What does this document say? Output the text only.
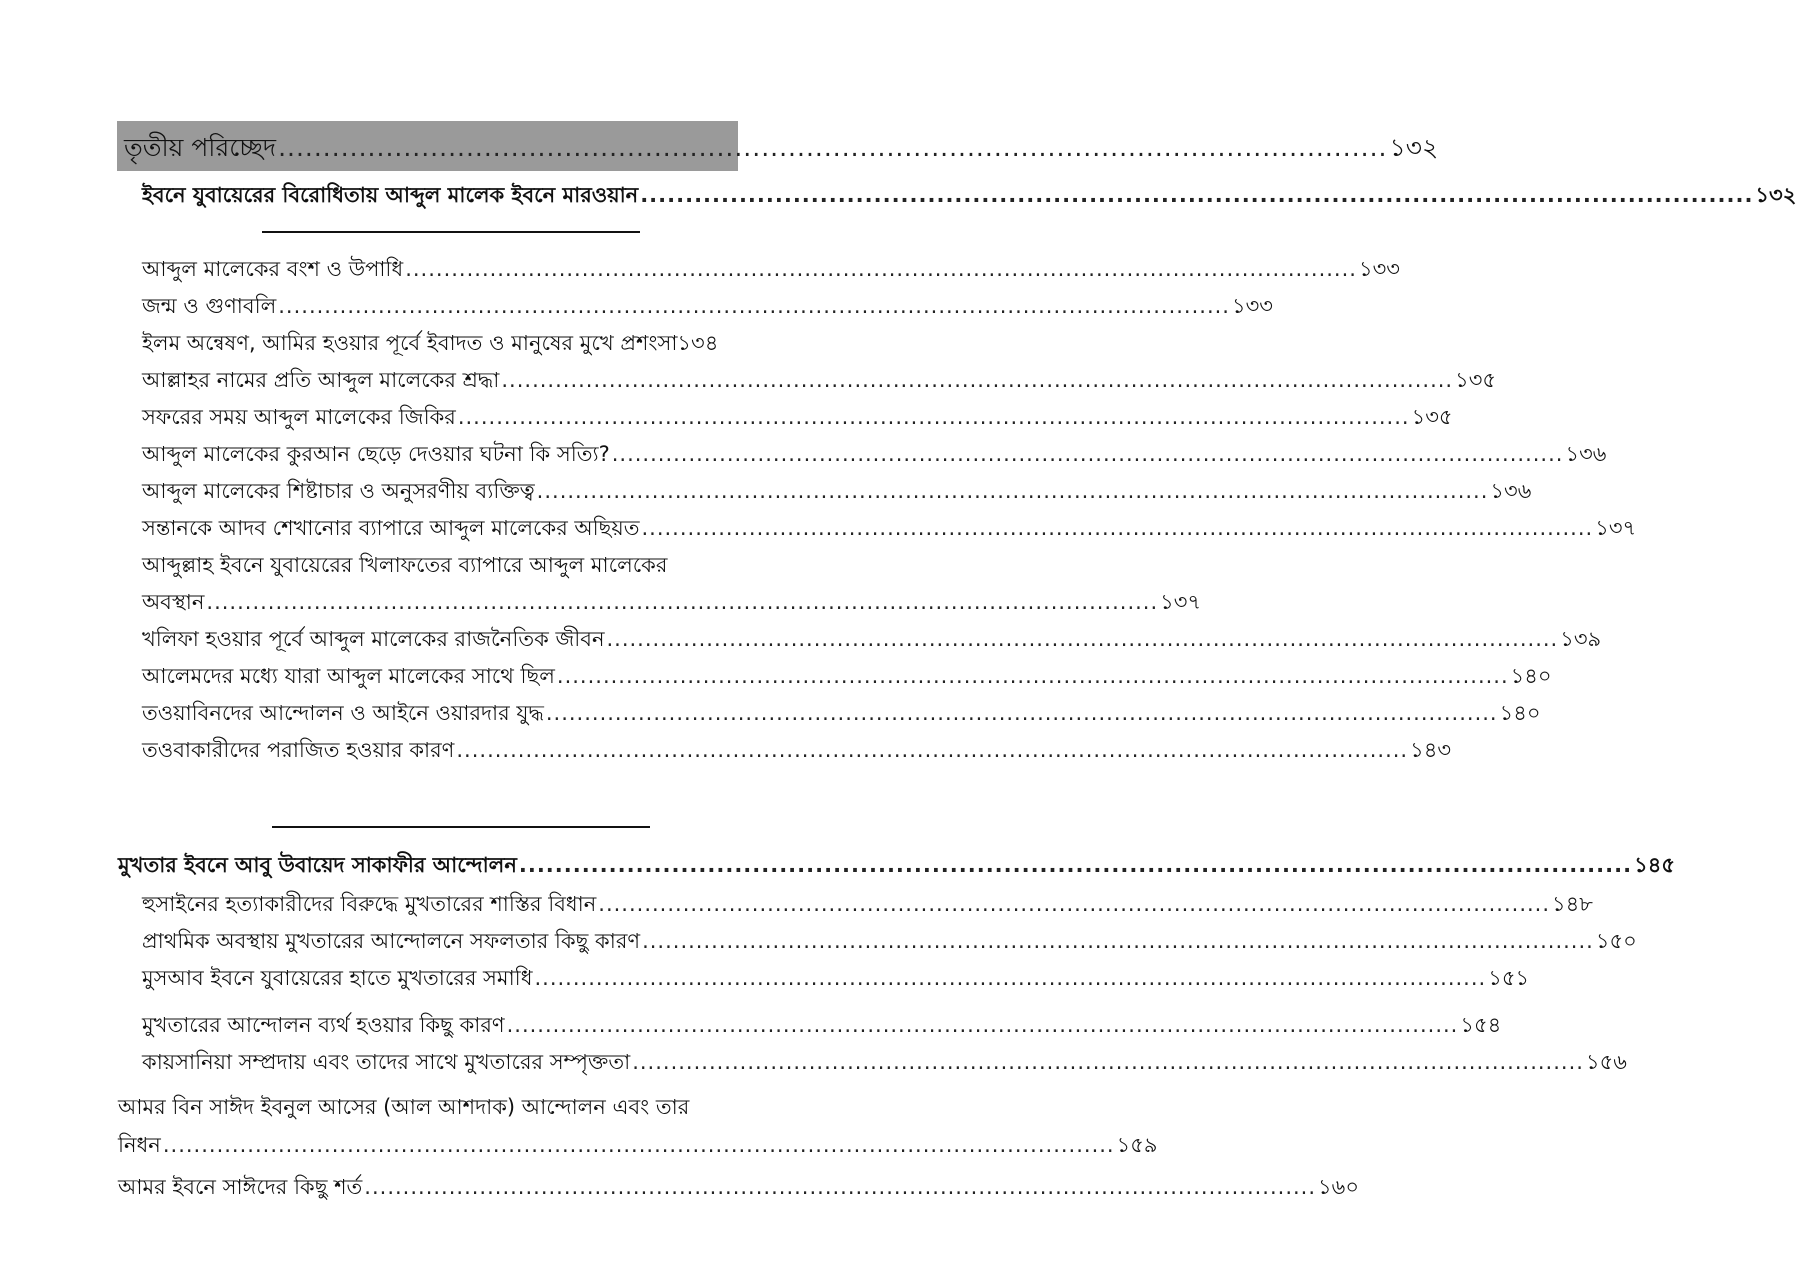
তৃতীয় পরিচ্ছেদ ............................................................................................................................ ১৩২
ইবনে যুবায়েরের বিরোধিতায় আব্দুল মালেক ইবনে মারওয়ান ............................................................................................................................ ১৩২
আব্দুল মালেকের বংশ ও উপাধি ............................................................................................................................ ১৩৩
জন্ম ও গুণাবলি ............................................................................................................................ ১৩৩
ইলম অন্বেষণ, আমির হওয়ার পূর্বে ইবাদত ও মানুষের মুখে প্রশংসা ১৩৪
আল্লাহর নামের প্রতি আব্দুল মালেকের শ্রদ্ধা ............................................................................................................................ ১৩৫
সফরের সময় আব্দুল মালেকের জিকির ............................................................................................................................ ১৩৫
আব্দুল মালেকের কুরআন ছেড়ে দেওয়ার ঘটনা কি সত্যি? ............................................................................................................................ ১৩৬
আব্দুল মালেকের শিষ্টাচার ও অনুসরণীয় ব্যক্তিত্ব ............................................................................................................................ ১৩৬
সন্তানকে আদব শেখানোর ব্যাপারে আব্দুল মালেকের অছিয়ত ............................................................................................................................ ১৩৭
আব্দুল্লাহ ইবনে যুবায়েরের খিলাফতের ব্যাপারে আব্দুল মালেকের
অবস্থান ............................................................................................................................ ১৩৭
খলিফা হওয়ার পূর্বে আব্দুল মালেকের রাজনৈতিক জীবন ............................................................................................................................ ১৩৯
আলেমদের মধ্যে যারা আব্দুল মালেকের সাথে ছিল ............................................................................................................................ ১৪০
তওয়াবিনদের আন্দোলন ও আইনে ওয়ারদার যুদ্ধ ............................................................................................................................ ১৪০
তওবাকারীদের পরাজিত হওয়ার কারণ ............................................................................................................................ ১৪৩
মুখতার ইবনে আবু উবায়েদ সাকাফীর আন্দোলন ............................................................................................................................ ১৪৫
হুসাইনের হত্যাকারীদের বিরুদ্ধে মুখতারের শাস্তির বিধান ............................................................................................................................ ১৪৮
প্রাথমিক অবস্থায় মুখতারের আন্দোলনে সফলতার কিছু কারণ ............................................................................................................................ ১৫০
মুসআব ইবনে যুবায়েরের হাতে মুখতারের সমাধি ............................................................................................................................ ১৫১
মুখতারের আন্দোলন ব্যর্থ হওয়ার কিছু কারণ ............................................................................................................................ ১৫৪
কায়সানিয়া সম্প্রদায় এবং তাদের সাথে মুখতারের সম্পৃক্ততা ............................................................................................................................ ১৫৬
আমর বিন সাঈদ ইবনুল আসের (আল আশদাক) আন্দোলন এবং তার
নিধন ............................................................................................................................ ১৫৯
আমর ইবনে সাঈদের কিছু শর্ত ............................................................................................................................ ১৬০
